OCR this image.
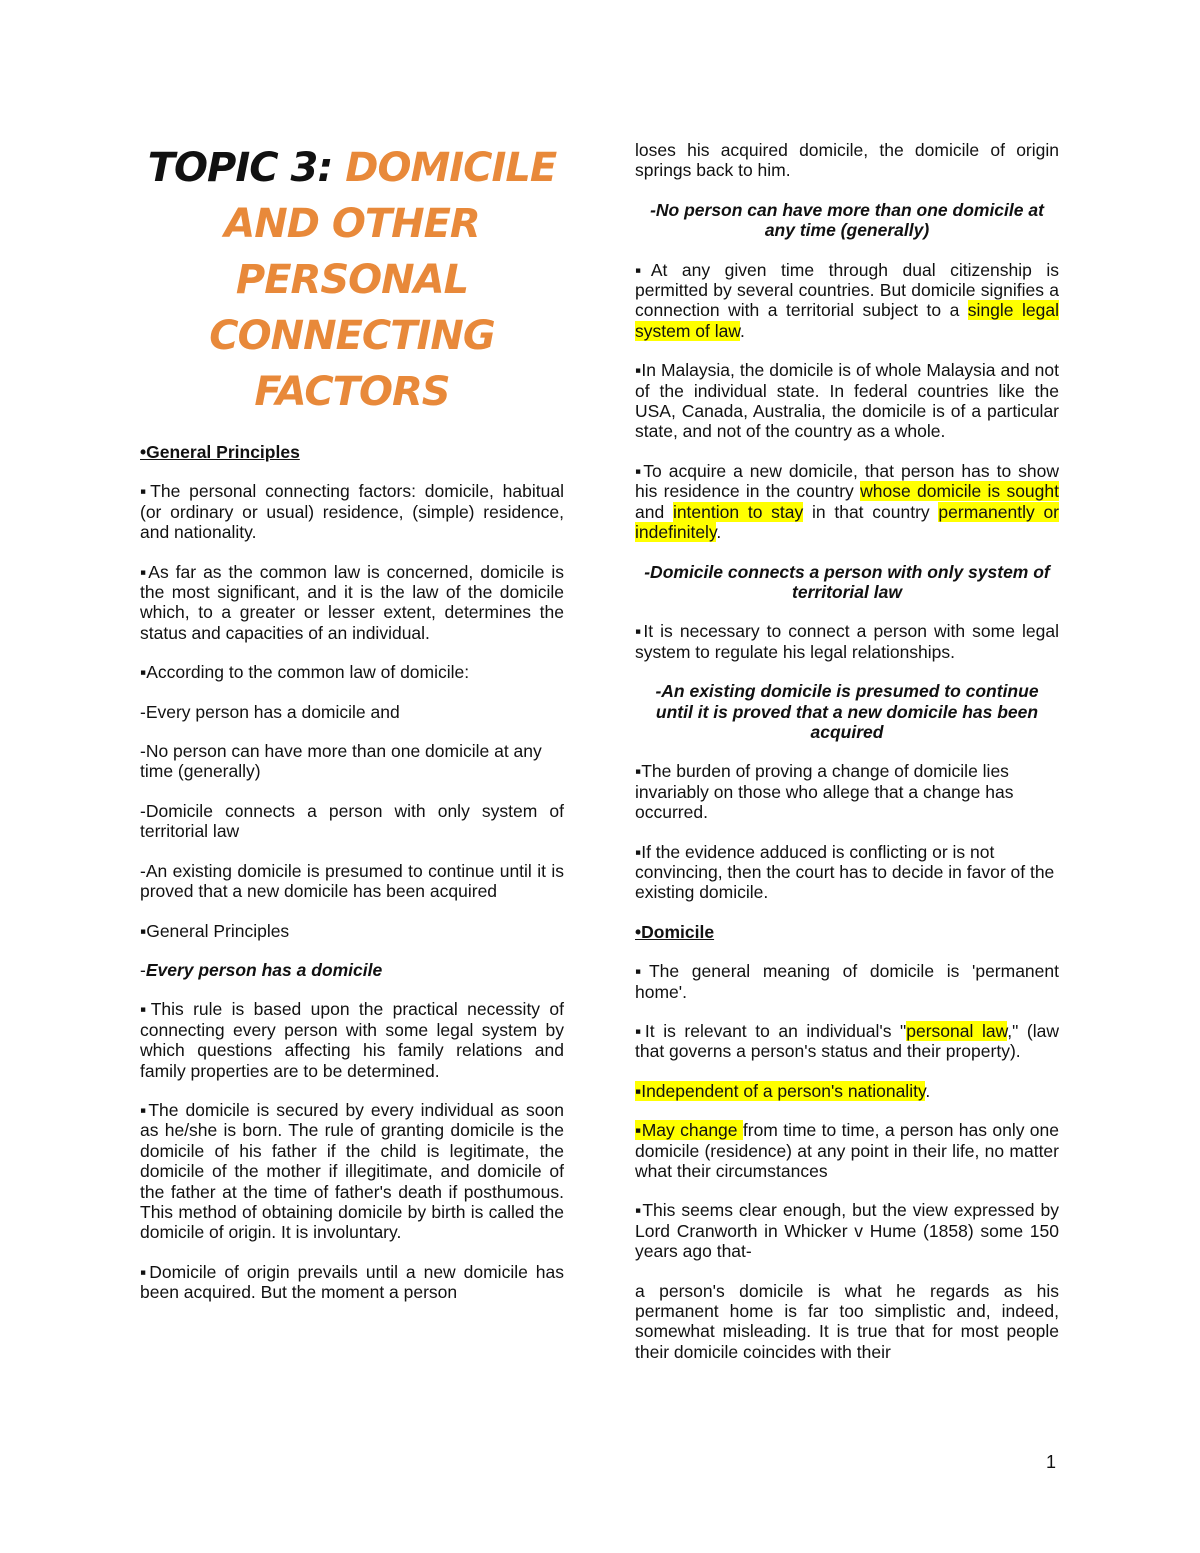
TOPIC 3: DOMICILE AND OTHER PERSONAL CONNECTING FACTORS

•General Principles

▪The personal connecting factors: domicile, habitual (or ordinary or usual) residence, (simple) residence, and nationality.

▪As far as the common law is concerned, domicile is the most significant, and it is the law of the domicile which, to a greater or lesser extent, determines the status and capacities of an individual.

▪According to the common law of domicile:

-Every person has a domicile and

-No person can have more than one domicile at any time (generally)

-Domicile connects a person with only system of territorial law

-An existing domicile is presumed to continue until it is proved that a new domicile has been acquired

▪General Principles

-Every person has a domicile

▪This rule is based upon the practical necessity of connecting every person with some legal system by which questions affecting his family relations and family properties are to be determined.

▪The domicile is secured by every individual as soon as he/she is born. The rule of granting domicile is the domicile of his father if the child is legitimate, the domicile of the mother if illegitimate, and domicile of the father at the time of father's death if posthumous. This method of obtaining domicile by birth is called the domicile of origin. It is involuntary.

▪Domicile of origin prevails until a new domicile has been acquired. But the moment a person

loses his acquired domicile, the domicile of origin springs back to him.

-No person can have more than one domicile at any time (generally)

▪At any given time through dual citizenship is permitted by several countries. But domicile signifies a connection with a territorial subject to a single legal system of law.

▪In Malaysia, the domicile is of whole Malaysia and not of the individual state. In federal countries like the USA, Canada, Australia, the domicile is of a particular state, and not of the country as a whole.

▪To acquire a new domicile, that person has to show his residence in the country whose domicile is sought and intention to stay in that country permanently or indefinitely.

-Domicile connects a person with only system of territorial law

▪It is necessary to connect a person with some legal system to regulate his legal relationships.

-An existing domicile is presumed to continue until it is proved that a new domicile has been acquired

▪The burden of proving a change of domicile lies invariably on those who allege that a change has occurred.

▪If the evidence adduced is conflicting or is not convincing, then the court has to decide in favor of the existing domicile.

•Domicile

▪The general meaning of domicile is 'permanent home'.

▪It is relevant to an individual's "personal law," (law that governs a person's status and their property).

▪Independent of a person's nationality.

▪May change from time to time, a person has only one domicile (residence) at any point in their life, no matter what their circumstances

▪This seems clear enough, but the view expressed by Lord Cranworth in Whicker v Hume (1858) some 150 years ago that-

a person's domicile is what he regards as his permanent home is far too simplistic and, indeed, somewhat misleading. It is true that for most people their domicile coincides with their

1
